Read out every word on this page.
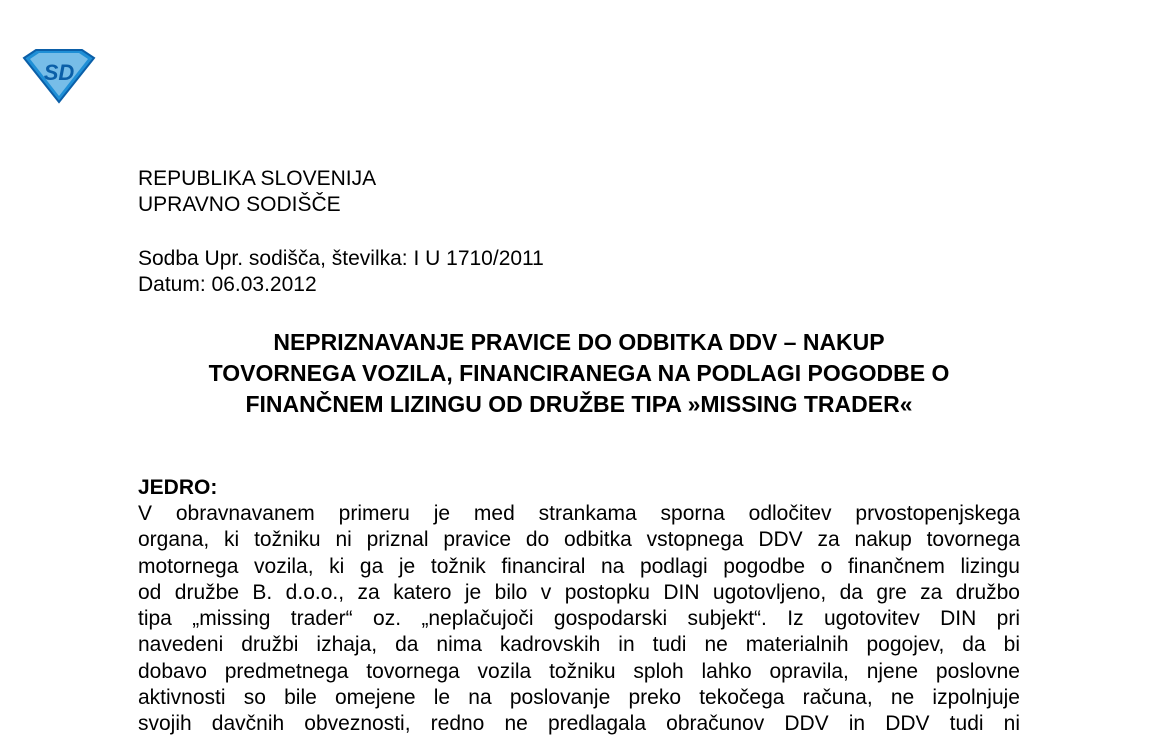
SD
REPUBLIKA SLOVENIJA
UPRAVNO SODIŠČE
Sodba Upr. sodišča, številka: I U 1710/2011
Datum: 06.03.2012
NEPRIZNAVANJE PRAVICE DO ODBITKA DDV – NAKUP
TOVORNEGA VOZILA, FINANCIRANEGA NA PODLAGI POGODBE O
FINANČNEM LIZINGU OD DRUŽBE TIPA »MISSING TRADER«
JEDRO:
V obravnavanem primeru je med strankama sporna odločitev prvostopenjskega
organa, ki tožniku ni priznal pravice do odbitka vstopnega DDV za nakup tovornega
motornega vozila, ki ga je tožnik financiral na podlagi pogodbe o finančnem lizingu
od družbe B. d.o.o., za katero je bilo v postopku DIN ugotovljeno, da gre za družbo
tipa „missing trader“ oz. „neplačujoči gospodarski subjekt“. Iz ugotovitev DIN pri
navedeni družbi izhaja, da nima kadrovskih in tudi ne materialnih pogojev, da bi
dobavo predmetnega tovornega vozila tožniku sploh lahko opravila, njene poslovne
aktivnosti so bile omejene le na poslovanje preko tekočega računa, ne izpolnjuje
svojih davčnih obveznosti, redno ne predlagala obračunov DDV in DDV tudi ni
